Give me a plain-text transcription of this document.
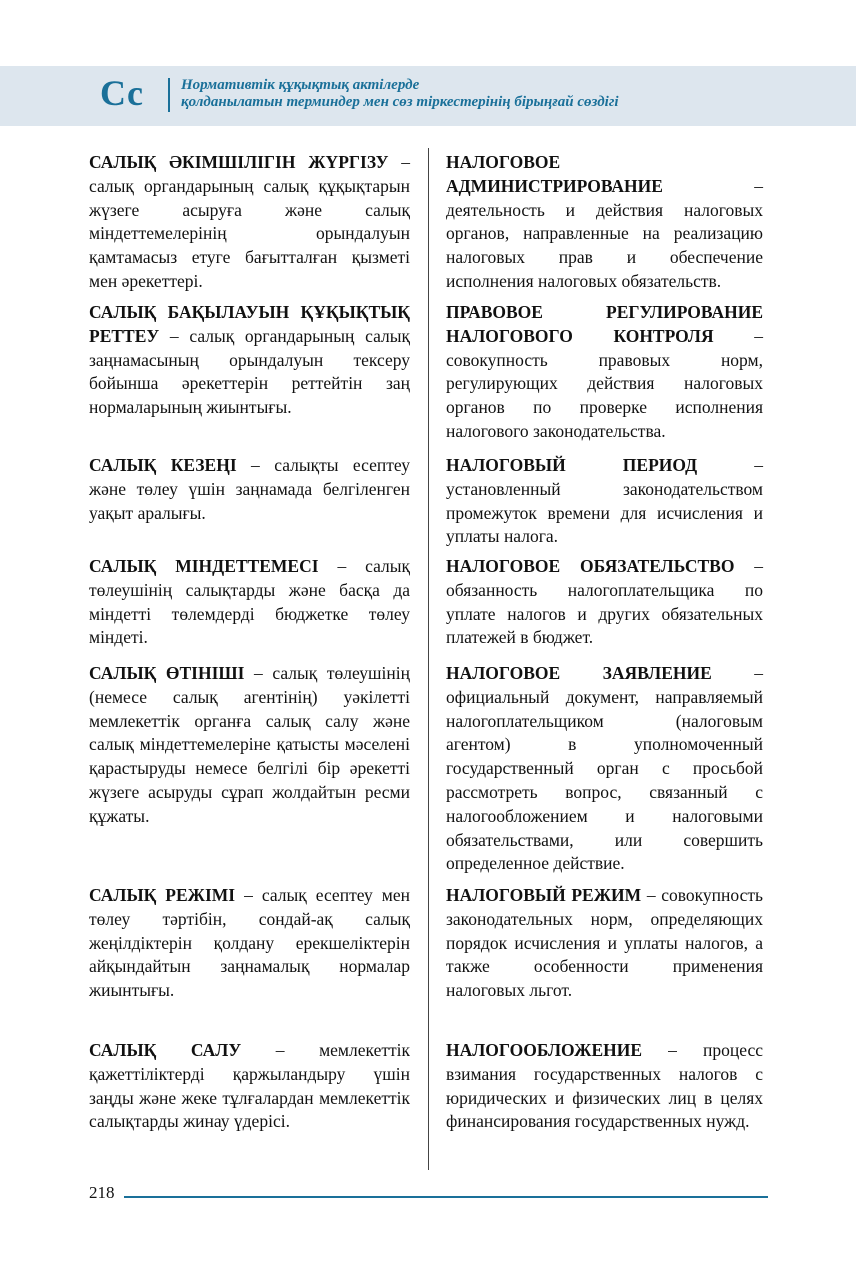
Cc Нормативтік құқықтық актілерде
қолданылатын терминдер мен сөз тіркестерінің бірыңғай сөздігі
САЛЫҚ ӘКІМШІЛІГІН ЖҮРГІЗУ – салық органдарының салық құқықтарын жүзеге асыруға және салық міндеттемелерінің орындалуын қамтамасыз етуге бағытталған қызметі мен әрекеттері.
НАЛОГОВОЕ АДМИНИСТРИРОВАНИЕ – деятельность и действия налоговых органов, направленные на реализацию налоговых прав и обеспечение исполнения налоговых обязательств.
САЛЫҚ БАҚЫЛАУЫН ҚҰҚЫҚТЫҚ РЕТТЕУ – салық органдарының салық заңнамасының орындалуын тексеру бойынша әрекеттерін реттейтін заң нормаларының жиынтығы.
ПРАВОВОЕ РЕГУЛИРОВАНИЕ НАЛОГОВОГО КОНТРОЛЯ – совокупность правовых норм, регулирующих действия налоговых органов по проверке исполнения налогового законодательства.
САЛЫҚ КЕЗЕҢІ – салықты есептеу және төлеу үшін заңнамада белгіленген уақыт аралығы.
НАЛОГОВЫЙ ПЕРИОД – установленный законодательством промежуток времени для исчисления и уплаты налога.
САЛЫҚ МІНДЕТТЕМЕСІ – салық төлеушінің салықтарды және басқа да міндетті төлемдерді бюджетке төлеу міндеті.
НАЛОГОВОЕ ОБЯЗАТЕЛЬСТВО – обязанность налогоплательщика по уплате налогов и других обязательных платежей в бюджет.
САЛЫҚ ӨТІНІШІ – салық төлеушінің (немесе салық агентінің) уәкілетті мемлекеттік органға салық салу және салық міндеттемелеріне қатысты мәселені қарастыруды немесе белгілі бір әрекетті жүзеге асыруды сұрап жолдайтын ресми құжаты.
НАЛОГОВОЕ ЗАЯВЛЕНИЕ – официальный документ, направляемый налогоплательщиком (налоговым агентом) в уполномоченный государственный орган с просьбой рассмотреть вопрос, связанный с налогообложением и налоговыми обязательствами, или совершить определенное действие.
САЛЫҚ РЕЖІМІ – салық есептеу мен төлеу тәртібін, сондай-ақ салық жеңілдіктерін қолдану ерекшеліктерін айқындайтын заңнамалық нормалар жиынтығы.
НАЛОГОВЫЙ РЕЖИМ – совокупность законодательных норм, определяющих порядок исчисления и уплаты налогов, а также особенности применения налоговых льгот.
САЛЫҚ САЛУ – мемлекеттік қажеттіліктерді қаржыландыру үшін заңды және жеке тұлғалардан мемлекеттік салықтарды жинау үдерісі.
НАЛОГООБЛОЖЕНИЕ – процесс взимания государственных налогов с юридических и физических лиц в целях финансирования государственных нужд.
218
